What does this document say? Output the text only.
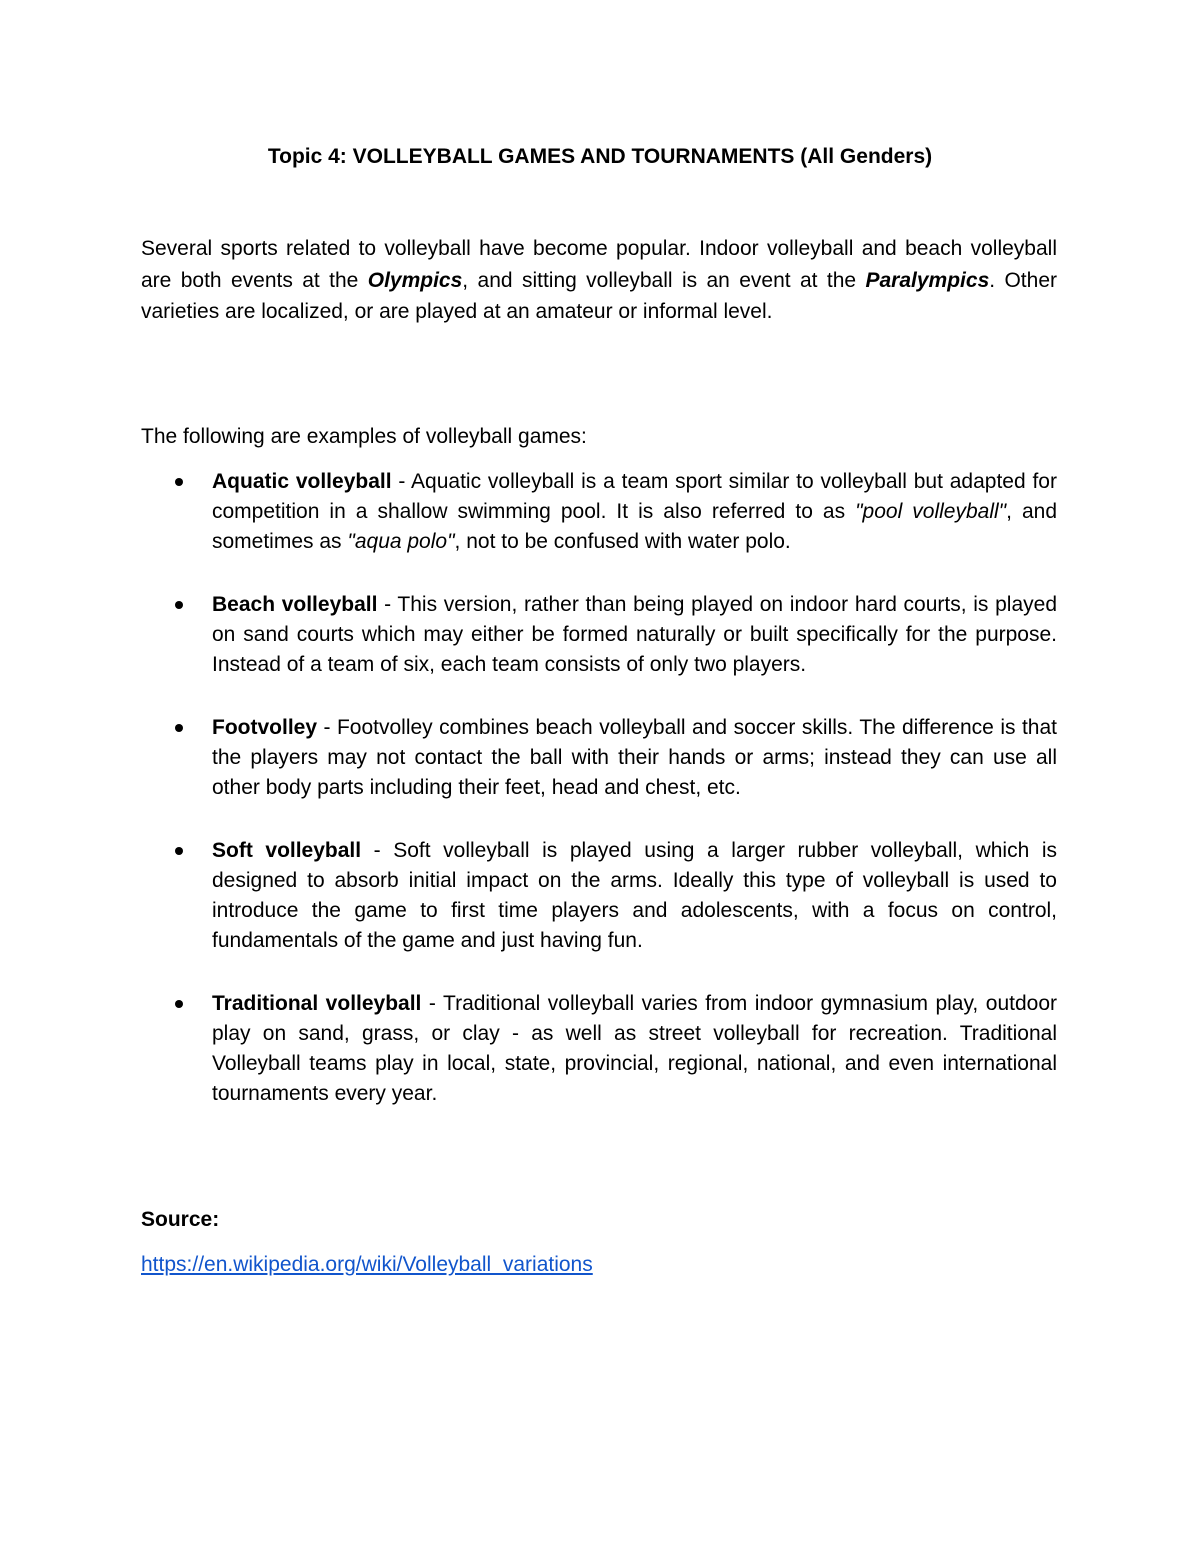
Topic 4: VOLLEYBALL GAMES AND TOURNAMENTS (All Genders)

Several sports related to volleyball have become popular. Indoor volleyball and beach volleyball are both events at the Olympics, and sitting volleyball is an event at the Paralympics. Other varieties are localized, or are played at an amateur or informal level.

The following are examples of volleyball games:

Aquatic volleyball - Aquatic volleyball is a team sport similar to volleyball but adapted for competition in a shallow swimming pool. It is also referred to as "pool volleyball", and sometimes as "aqua polo", not to be confused with water polo.
Beach volleyball - This version, rather than being played on indoor hard courts, is played on sand courts which may either be formed naturally or built specifically for the purpose. Instead of a team of six, each team consists of only two players.
Footvolley - Footvolley combines beach volleyball and soccer skills. The difference is that the players may not contact the ball with their hands or arms; instead they can use all other body parts including their feet, head and chest, etc.
Soft volleyball - Soft volleyball is played using a larger rubber volleyball, which is designed to absorb initial impact on the arms. Ideally this type of volleyball is used to introduce the game to first time players and adolescents, with a focus on control, fundamentals of the game and just having fun.
Traditional volleyball - Traditional volleyball varies from indoor gymnasium play, outdoor play on sand, grass, or clay - as well as street volleyball for recreation. Traditional Volleyball teams play in local, state, provincial, regional, national, and even international tournaments every year.

Source:

https://en.wikipedia.org/wiki/Volleyball_variations
